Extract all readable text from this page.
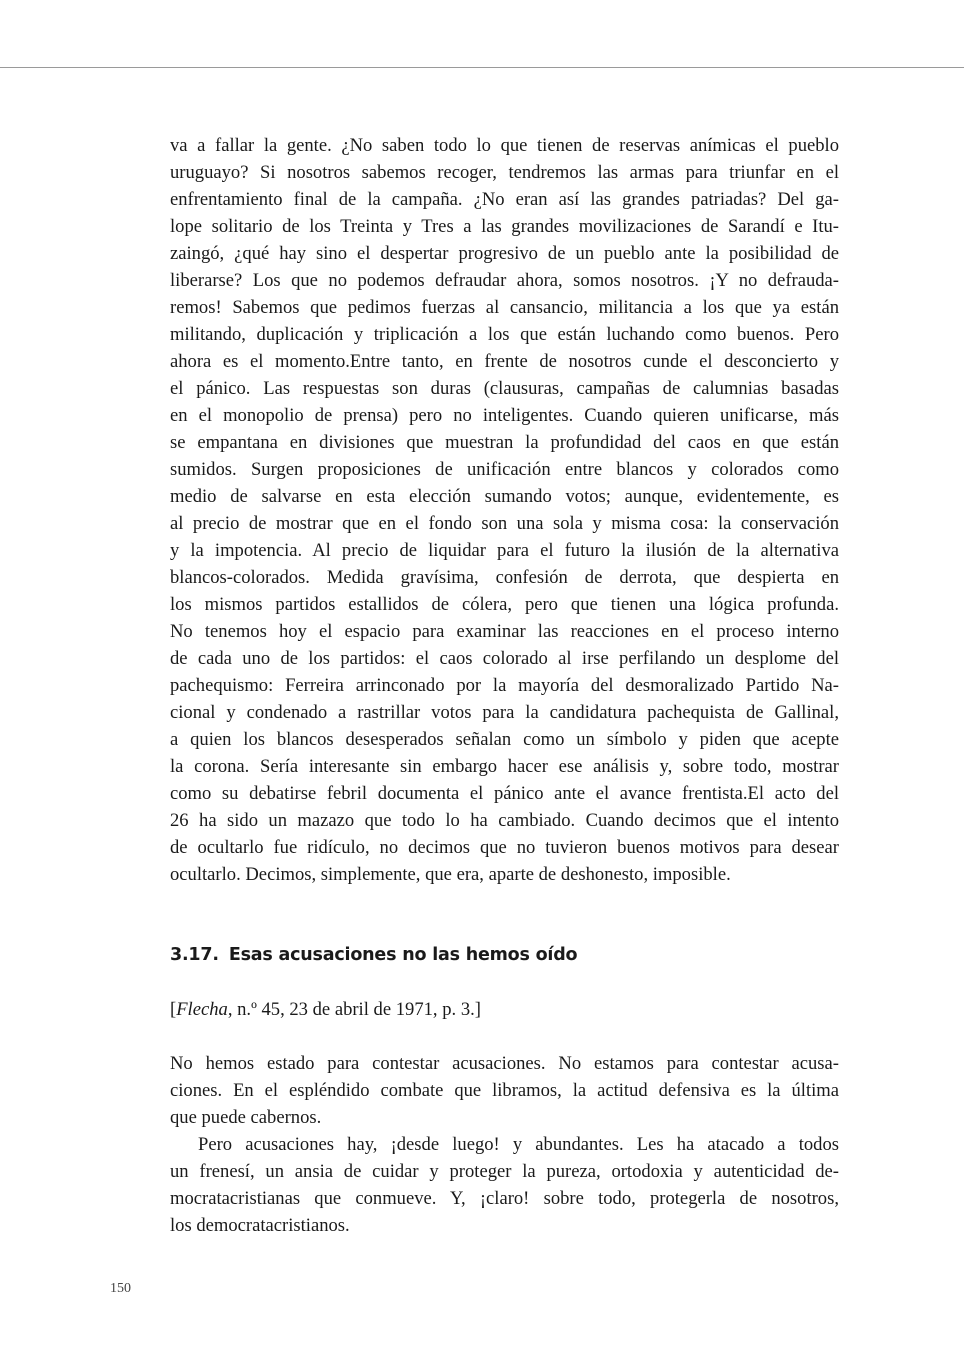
va a fallar la gente. ¿No saben todo lo que tienen de reservas anímicas el pueblo
uruguayo? Si nosotros sabemos recoger, tendremos las armas para triunfar en el
enfrentamiento final de la campaña. ¿No eran así las grandes patriadas? Del ga-
lope solitario de los Treinta y Tres a las grandes movilizaciones de Sarandí e Itu-
zaingó, ¿qué hay sino el despertar progresivo de un pueblo ante la posibilidad de
liberarse? Los que no podemos defraudar ahora, somos nosotros. ¡Y no defrauda-
remos! Sabemos que pedimos fuerzas al cansancio, militancia a los que ya están
militando, duplicación y triplicación a los que están luchando como buenos. Pero
ahora es el momento.Entre tanto, en frente de nosotros cunde el desconcierto y
el pánico. Las respuestas son duras (clausuras, campañas de calumnias basadas
en el monopolio de prensa) pero no inteligentes. Cuando quieren unificarse, más
se empantana en divisiones que muestran la profundidad del caos en que están
sumidos. Surgen proposiciones de unificación entre blancos y colorados como
medio de salvarse en esta elección sumando votos; aunque, evidentemente, es
al precio de mostrar que en el fondo son una sola y misma cosa: la conservación
y la impotencia. Al precio de liquidar para el futuro la ilusión de la alternativa
blancos-colorados. Medida gravísima, confesión de derrota, que despierta en
los mismos partidos estallidos de cólera, pero que tienen una lógica profunda.
No tenemos hoy el espacio para examinar las reacciones en el proceso interno
de cada uno de los partidos: el caos colorado al irse perfilando un desplome del
pachequismo: Ferreira arrinconado por la mayoría del desmoralizado Partido Na-
cional y condenado a rastrillar votos para la candidatura pachequista de Gallinal,
a quien los blancos desesperados señalan como un símbolo y piden que acepte
la corona. Sería interesante sin embargo hacer ese análisis y, sobre todo, mostrar
como su debatirse febril documenta el pánico ante el avance frentista.El acto del
26 ha sido un mazazo que todo lo ha cambiado. Cuando decimos que el intento
de ocultarlo fue ridículo, no decimos que no tuvieron buenos motivos para desear
ocultarlo. Decimos, simplemente, que era, aparte de deshonesto, imposible.

3.17. Esas acusaciones no las hemos oído
[Flecha, n.º 45, 23 de abril de 1971, p. 3.]

No hemos estado para contestar acusaciones. No estamos para contestar acusa-
ciones. En el espléndido combate que libramos, la actitud defensiva es la última
que puede cabernos.

Pero acusaciones hay, ¡desde luego! y abundantes. Les ha atacado a todos
un frenesí, un ansia de cuidar y proteger la pureza, ortodoxia y autenticidad de-
mocratacristianas que conmueve. Y, ¡claro! sobre todo, protegerla de nosotros,
los democratacristianos.

150
